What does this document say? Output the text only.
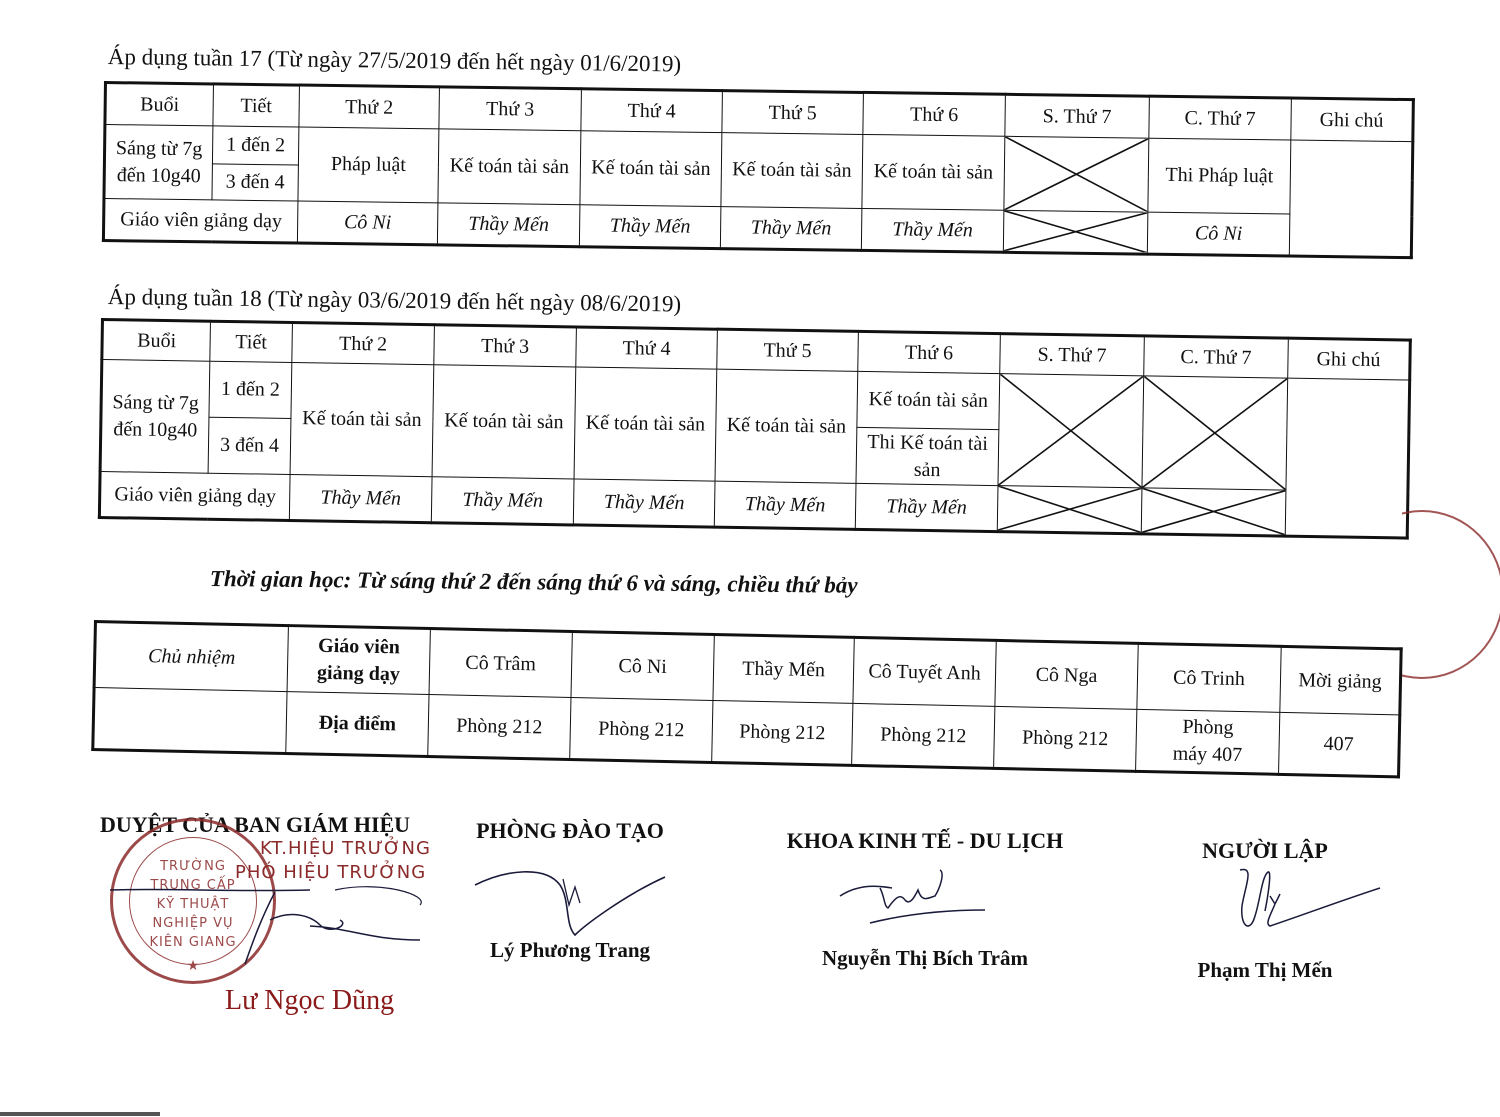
Áp dụng tuần 17 (Từ ngày 27/5/2019 đến hết ngày 01/6/2019)
Buổi	Tiết	Thứ 2	Thứ 3	Thứ 4	Thứ 5	Thứ 6	S. Thứ 7	C. Thứ 7	Ghi chú
Sáng từ 7g đến 10g40	1 đến 2	Pháp luật	Kế toán tài sản	Kế toán tài sản	Kế toán tài sản	Kế toán tài sản		Thi Pháp luật	
	3 đến 4								
Giáo viên giảng dạy		Cô Ni	Thầy Mến	Thầy Mến	Thầy Mến	Thầy Mến		Cô Ni	
Áp dụng tuần 18 (Từ ngày 03/6/2019 đến hết ngày 08/6/2019)
Buổi	Tiết	Thứ 2	Thứ 3	Thứ 4	Thứ 5	Thứ 6	S. Thứ 7	C. Thứ 7	Ghi chú
Sáng từ 7g đến 10g40	1 đến 2	Kế toán tài sản	Kế toán tài sản	Kế toán tài sản	Kế toán tài sản	Kế toán tài sản	

	3 đến 4					Thi Kế toán tài sản			
Giáo viên giảng dạy		Thầy Mến	Thầy Mến	Thầy Mến	Thầy Mến	Thầy Mến	

Thời gian học: Từ sáng thứ 2 đến sáng thứ 6 và sáng, chiều thứ bảy
Chủ nhiệm	Giáo viên giảng dạy	Cô Trâm	Cô Ni	Thầy Mến	Cô Tuyết Anh	Cô Nga	Cô Trinh	Mời giảng
	Địa điểm	Phòng 212	Phòng 212	Phòng 212	Phòng 212	Phòng 212	Phòng máy 407	407
DUYỆT CỦA BAN GIÁM HIỆU
KT.HIỆU TRƯỞNG
PHÓ HIỆU TRƯỞNG
TRƯỜNG
TRUNG CẤP
KỸ THUẬT
NGHIỆP VỤ
KIÊN GIANG
★
Lư Ngọc Dũng
PHÒNG ĐÀO TẠO
Lý Phương Trang
KHOA KINH TẾ - DU LỊCH
Nguyễn Thị Bích Trâm
NGƯỜI LẬP
Phạm Thị Mến
